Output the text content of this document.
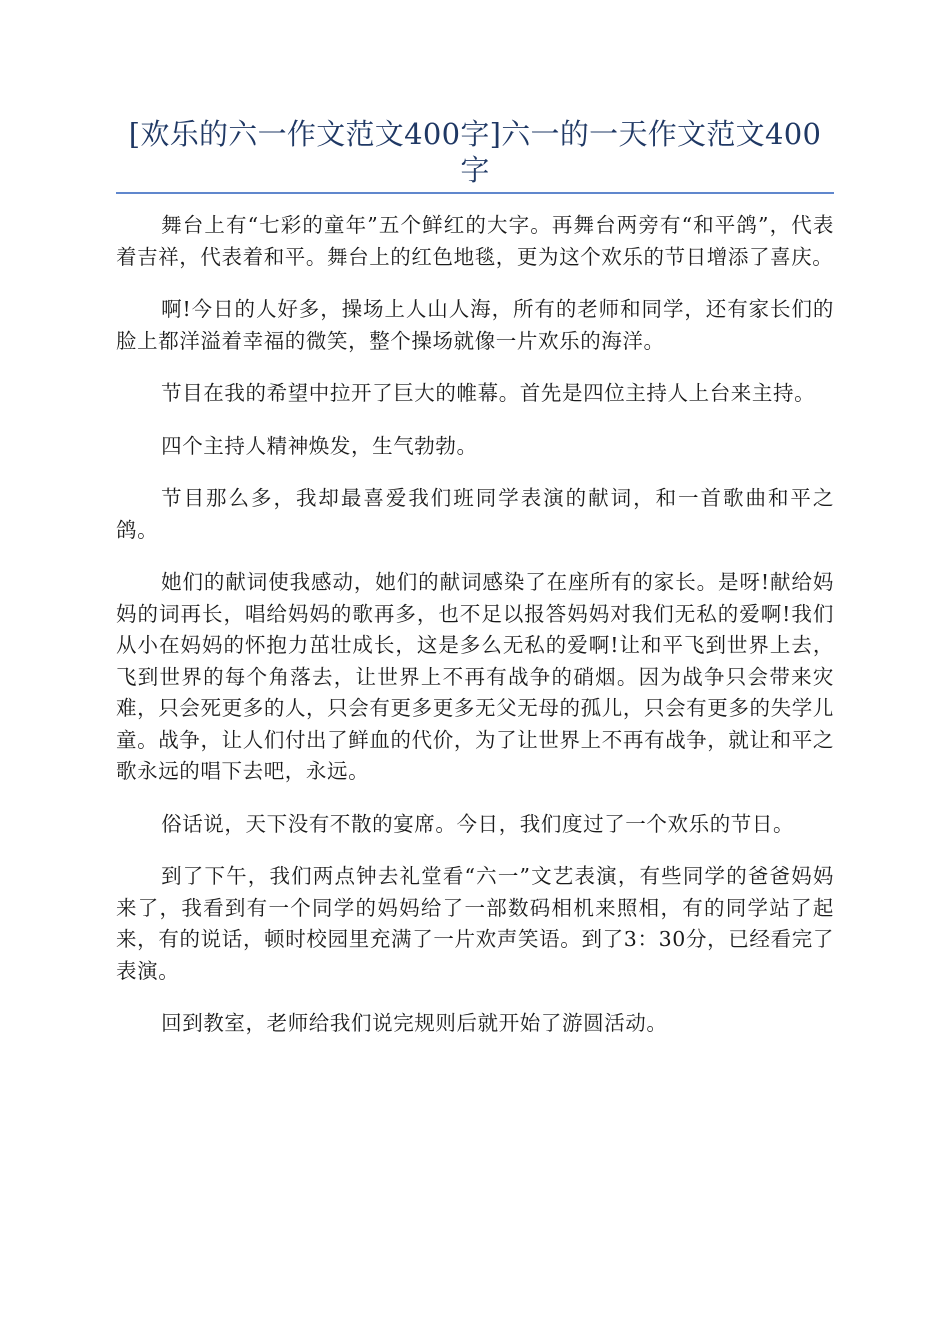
[欢乐的六一作文范文400字]六一的一天作文范文400字

舞台上有“七彩的童年”五个鲜红的大字。再舞台两旁有“和平鸽”，代表着吉祥，代表着和平。舞台上的红色地毯，更为这个欢乐的节日增添了喜庆。

啊!今日的人好多，操场上人山人海，所有的老师和同学，还有家长们的脸上都洋溢着幸福的微笑，整个操场就像一片欢乐的海洋。

节目在我的希望中拉开了巨大的帷幕。首先是四位主持人上台来主持。

四个主持人精神焕发，生气勃勃。

节目那么多，我却最喜爱我们班同学表演的献词，和一首歌曲和平之鸽。

她们的献词使我感动，她们的献词感染了在座所有的家长。是呀!献给妈妈的词再长，唱给妈妈的歌再多，也不足以报答妈妈对我们无私的爱啊!我们从小在妈妈的怀抱力茁壮成长，这是多么无私的爱啊!让和平飞到世界上去，飞到世界的每个角落去，让世界上不再有战争的硝烟。因为战争只会带来灾难，只会死更多的人，只会有更多更多无父无母的孤儿，只会有更多的失学儿童。战争，让人们付出了鲜血的代价，为了让世界上不再有战争，就让和平之歌永远的唱下去吧，永远。

俗话说，天下没有不散的宴席。今日，我们度过了一个欢乐的节日。

到了下午，我们两点钟去礼堂看“六一”文艺表演，有些同学的爸爸妈妈来了，我看到有一个同学的妈妈给了一部数码相机来照相，有的同学站了起来，有的说话，顿时校园里充满了一片欢声笑语。到了3：30分，已经看完了表演。

回到教室，老师给我们说完规则后就开始了游圆活动。
